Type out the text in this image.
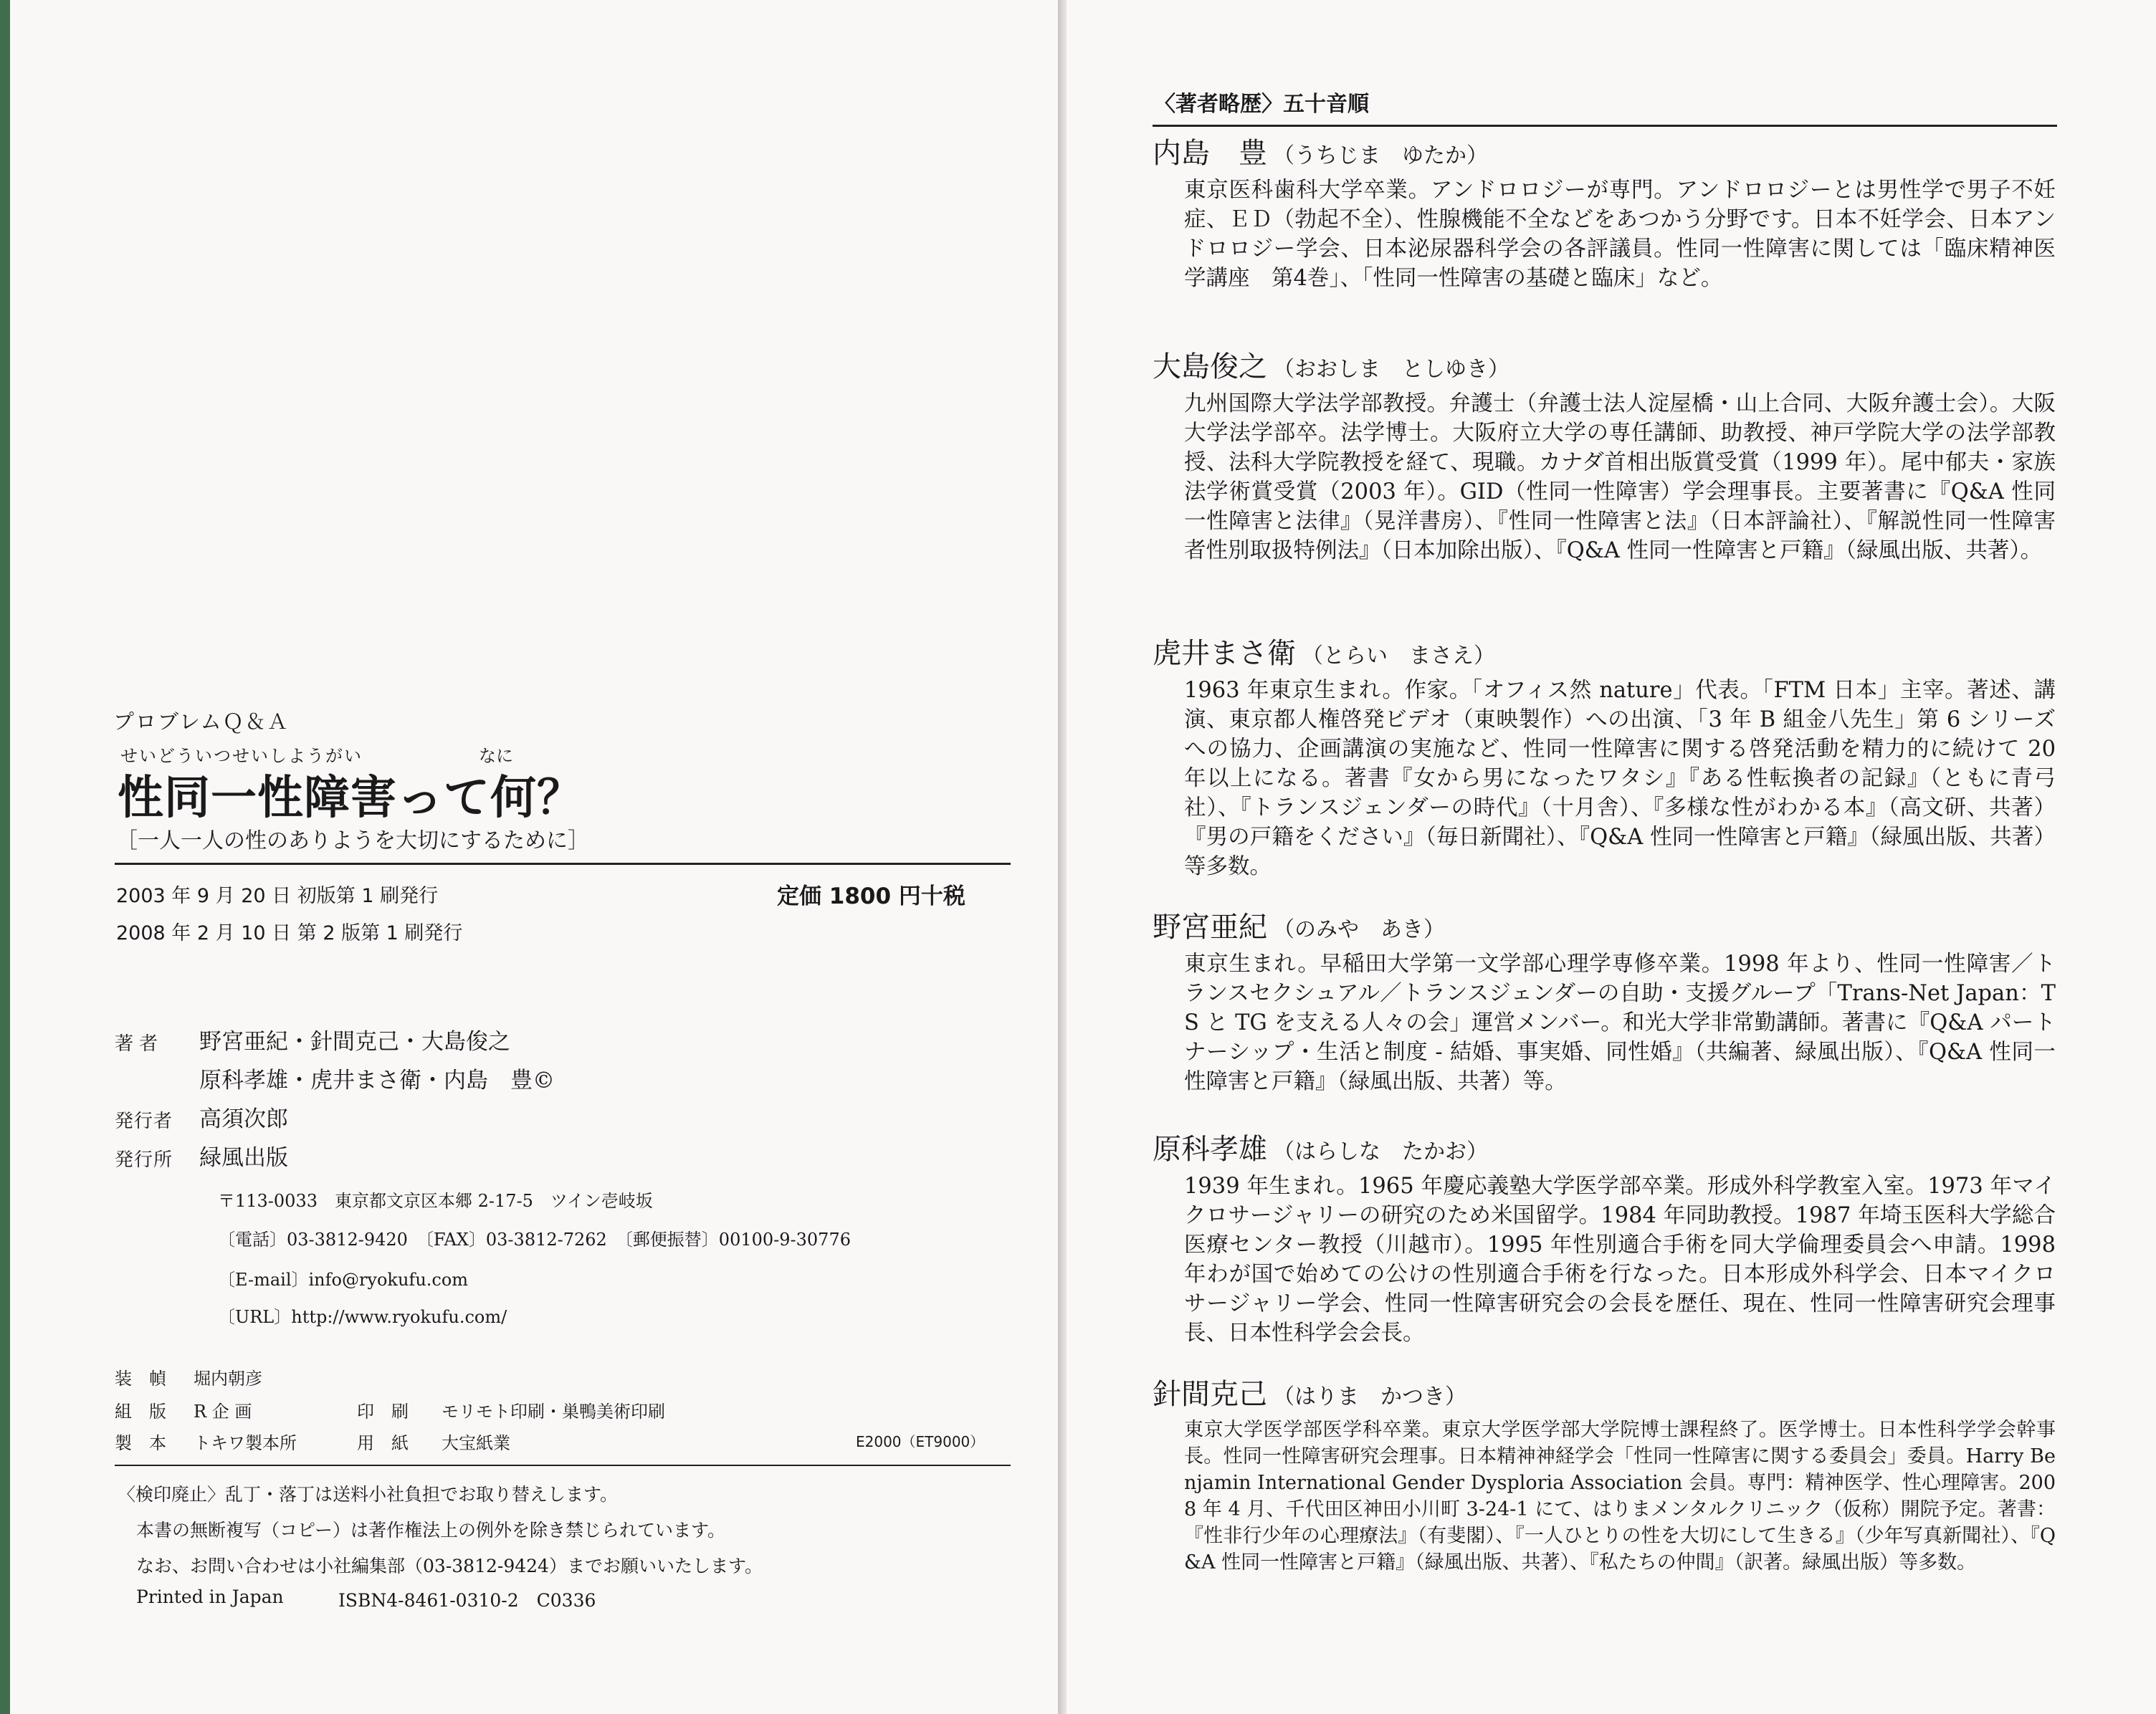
プロブレムＱ＆Ａ
せいどういつせいしようがい	なに
性同一性障害って何？
［一人一人の性のありようを大切にするために］
2003 年 9 月 20 日 初版第 1 刷発行
2008 年 2 月 10 日 第 2 版第 1 刷発行
定価 1800 円十税
著者 野宮亜紀・針間克己・大島俊之
原科孝雄・虎井まさ衛・内島　豊©
発行者 高須次郎
発行所 緑風出版
〒113-0033　東京都文京区本郷 2-17-5　ツイン壱岐坂
〔電話〕03-3812-9420　〔FAX〕03-3812-7262　〔郵便振替〕00100-9-30776
〔E-mail〕info@ryokufu.com
〔URL〕http://www.ryokufu.com/
装　幀 堀内朝彦
組　版 R 企 画	印　刷 モリモト印刷・巣鴨美術印刷
製　本 トキワ製本所	用　紙 大宝紙業	E2000（ET9000）
〈検印廃止〉乱丁・落丁は送料小社負担でお取り替えします。
本書の無断複写（コピー）は著作権法上の例外を除き禁じられています。
なお、お問い合わせは小社編集部（03-3812-9424）までお願いいたします。
Printed in Japan	ISBN4-8461-0310-2　C0336
〈著者略歴〉五十音順
内島　豊 （うちじま　ゆたか）
東京医科歯科大学卒業。アンドロロジーが専門。アンドロロジーとは男性学で男子不妊症、ＥＤ（勃起不全）、性腺機能不全などをあつかう分野です。日本不妊学会、日本アンドロロジー学会、日本泌尿器科学会の各評議員。性同一性障害に関しては「臨床精神医学講座　第4巻」、「性同一性障害の基礎と臨床」など。
大島俊之 （おおしま　としゆき）
九州国際大学法学部教授。弁護士（弁護士法人淀屋橋・山上合同、大阪弁護士会）。大阪大学法学部卒。法学博士。大阪府立大学の専任講師、助教授、神戸学院大学の法学部教授、法科大学院教授を経て、現職。カナダ首相出版賞受賞（1999 年）。尾中郁夫・家族法学術賞受賞（2003 年）。GID（性同一性障害）学会理事長。主要著書に『Q&A 性同一性障害と法律』（晃洋書房）、『性同一性障害と法』（日本評論社）、『解説性同一性障害者性別取扱特例法』（日本加除出版）、『Q&A 性同一性障害と戸籍』（緑風出版、共著）。
虎井まさ衛 （とらい　まさえ）
1963 年東京生まれ。作家。「オフィス然 nature」代表。「FTM 日本」主宰。著述、講演、東京都人権啓発ビデオ（東映製作）への出演、「3 年 B 組金八先生」第 6 シリーズへの協力、企画講演の実施など、性同一性障害に関する啓発活動を精力的に続けて 20 年以上になる。著書『女から男になったワタシ』『ある性転換者の記録』（ともに青弓社）、『トランスジェンダーの時代』（十月舎）、『多様な性がわかる本』（高文研、共著）『男の戸籍をください』（毎日新聞社）、『Q&A 性同一性障害と戸籍』（緑風出版、共著）等多数。
野宮亜紀 （のみや　あき）
東京生まれ。早稲田大学第一文学部心理学専修卒業。1998 年より、性同一性障害／トランスセクシュアル／トランスジェンダーの自助・支援グループ「Trans-Net Japan：TS と TG を支える人々の会」運営メンバー。和光大学非常勤講師。著書に『Q&A パートナーシップ・生活と制度 - 結婚、事実婚、同性婚』（共編著、緑風出版）、『Q&A 性同一性障害と戸籍』（緑風出版、共著）等。
原科孝雄 （はらしな　たかお）
1939 年生まれ。1965 年慶応義塾大学医学部卒業。形成外科学教室入室。1973 年マイクロサージャリーの研究のため米国留学。1984 年同助教授。1987 年埼玉医科大学総合医療センター教授（川越市）。1995 年性別適合手術を同大学倫理委員会へ申請。1998 年わが国で始めての公けの性別適合手術を行なった。日本形成外科学会、日本マイクロサージャリー学会、性同一性障害研究会の会長を歴任、現在、性同一性障害研究会理事長、日本性科学会会長。
針間克己 （はりま　かつき）
東京大学医学部医学科卒業。東京大学医学部大学院博士課程終了。医学博士。日本性科学学会幹事長。性同一性障害研究会理事。日本精神神経学会「性同一性障害に関する委員会」委員。Harry Benjamin International Gender Dysploria Association 会員。専門：精神医学、性心理障害。2008 年 4 月、千代田区神田小川町 3-24-1 にて、はりまメンタルクリニック（仮称）開院予定。著書：『性非行少年の心理療法』（有斐閣）、『一人ひとりの性を大切にして生きる』（少年写真新聞社）、『Q&A 性同一性障害と戸籍』（緑風出版、共著）、『私たちの仲間』（訳著。緑風出版）等多数。
